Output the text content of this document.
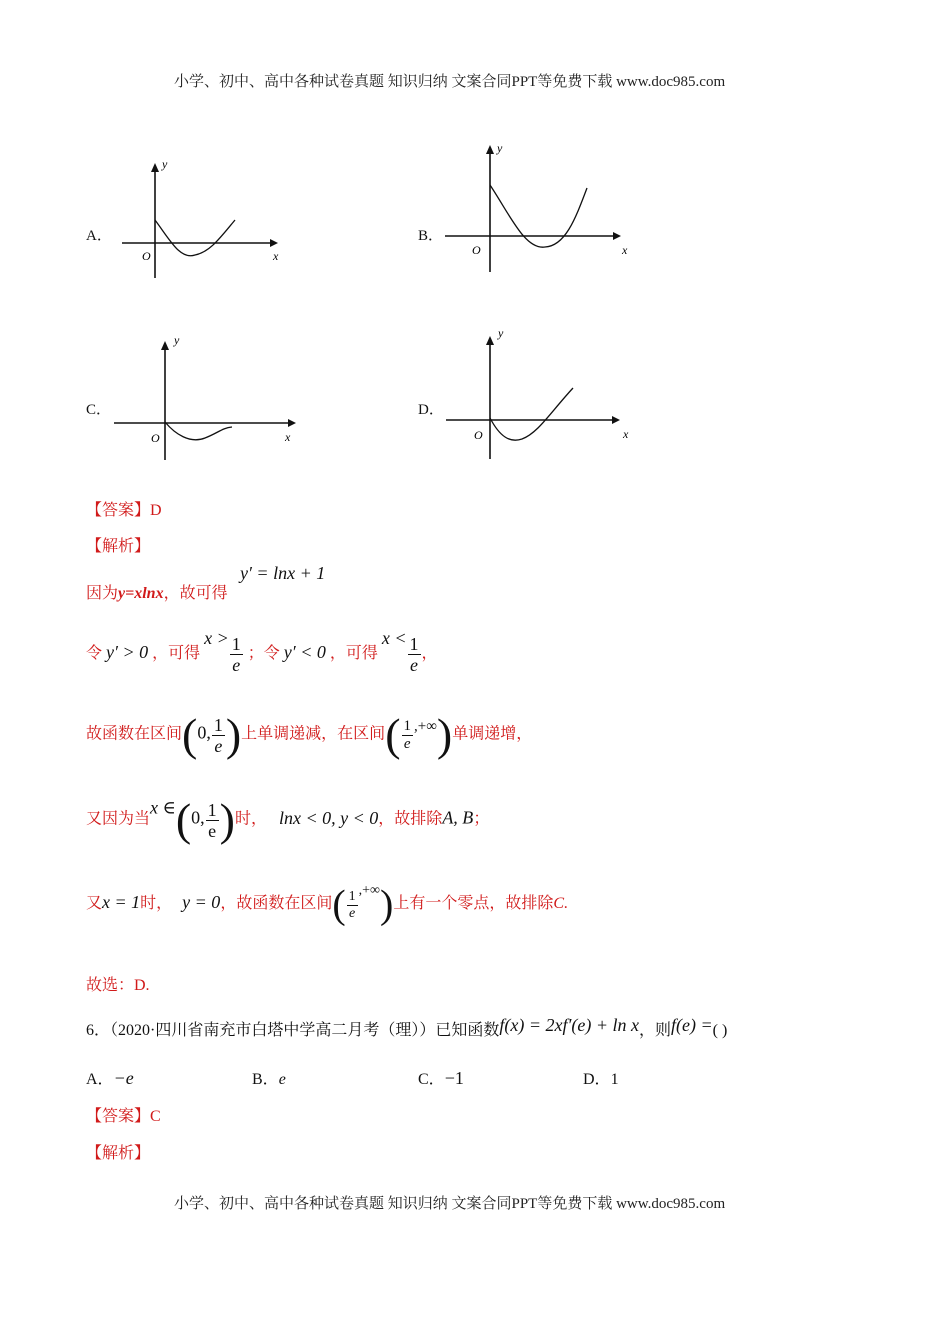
小学、初中、高中各种试卷真题 知识归纳 文案合同PPT等免费下载 www.doc985.com
A．	B．
C．	D．
y
x
O
y
x
O
y
x
O
y
x
O
【答案】D
【解析】
因为y=xlnx，故可得
y′ = lnx + 1
令 y′ > 0 ，可得 $x > \frac{1}{e}$ ；令 y′ < 0 ，可得 $x < \frac{1}{e}$ ，
故函数在区间(0, $\frac{1}{e}$ )上单调递减，在区间( $\frac{1}{e}$ ,+∞)单调递增，
又因为当x ∈(0, $\frac{1}{e}$ )时， lnx < 0, y < 0，故排除A, B；
又x = 1时， y = 0，故函数在区间( $\frac{1}{e}$ ,+∞)上有一个零点，故排除C.
故选：D.
6．（2020·四川省南充市白塔中学高二月考（理））已知函数f(x) = 2xf′(e) + ln x，则f(e) =( )
A．−e	B．e	C．−1	D．1
【答案】C
【解析】
小学、初中、高中各种试卷真题 知识归纳 文案合同PPT等免费下载 www.doc985.com
